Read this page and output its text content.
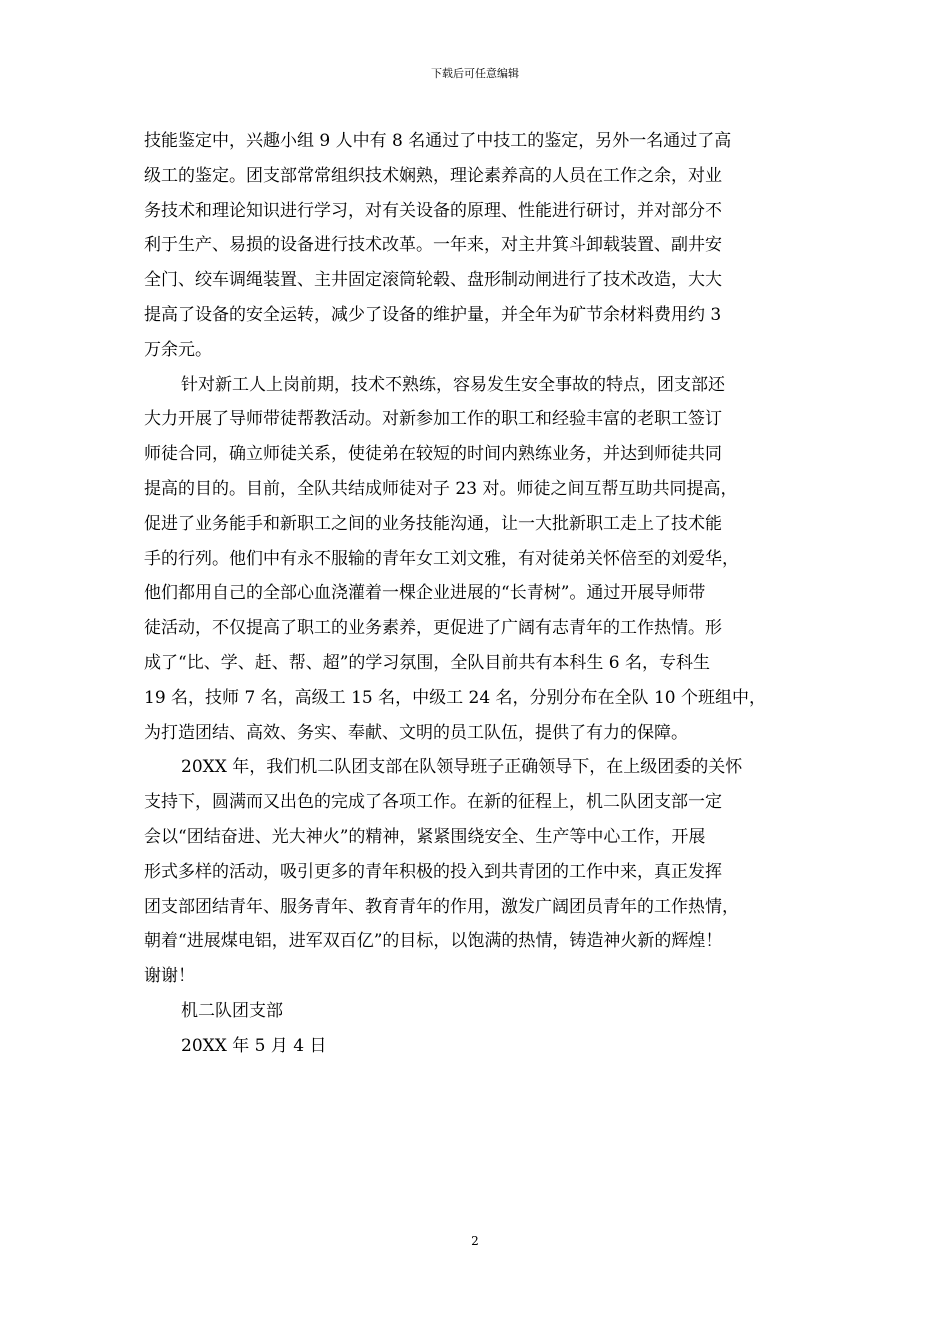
下载后可任意编辑
技能鉴定中，兴趣小组 9 人中有 8 名通过了中技工的鉴定，另外一名通过了高
级工的鉴定。团支部常常组织技术娴熟，理论素养高的人员在工作之余，对业
务技术和理论知识进行学习，对有关设备的原理、性能进行研讨，并对部分不
利于生产、易损的设备进行技术改革。一年来，对主井箕斗卸载装置、副井安
全门、绞车调绳装置、主井固定滚筒轮毂、盘形制动闸进行了技术改造，大大
提高了设备的安全运转，减少了设备的维护量，并全年为矿节余材料费用约 3
万余元。
针对新工人上岗前期，技术不熟练，容易发生安全事故的特点，团支部还
大力开展了导师带徒帮教活动。对新参加工作的职工和经验丰富的老职工签订
师徒合同，确立师徒关系，使徒弟在较短的时间内熟练业务，并达到师徒共同
提高的目的。目前，全队共结成师徒对子 23 对。师徒之间互帮互助共同提高，
促进了业务能手和新职工之间的业务技能沟通，让一大批新职工走上了技术能
手的行列。他们中有永不服输的青年女工刘文雅，有对徒弟关怀倍至的刘爱华，
他们都用自己的全部心血浇灌着一棵企业进展的“长青树”。通过开展导师带
徒活动，不仅提高了职工的业务素养，更促进了广阔有志青年的工作热情。形
成了“比、学、赶、帮、超”的学习氛围，全队目前共有本科生 6 名，专科生
19 名，技师 7 名，高级工 15 名，中级工 24 名，分别分布在全队 10 个班组中，
为打造团结、高效、务实、奉献、文明的员工队伍，提供了有力的保障。
20XX 年，我们机二队团支部在队领导班子正确领导下，在上级团委的关怀
支持下，圆满而又出色的完成了各项工作。在新的征程上，机二队团支部一定
会以“团结奋进、光大神火”的精神，紧紧围绕安全、生产等中心工作，开展
形式多样的活动，吸引更多的青年积极的投入到共青团的工作中来，真正发挥
团支部团结青年、服务青年、教育青年的作用，激发广阔团员青年的工作热情，
朝着“进展煤电铝，进军双百亿”的目标，以饱满的热情，铸造神火新的辉煌！
谢谢！
机二队团支部
20XX 年 5 月 4 日
2
